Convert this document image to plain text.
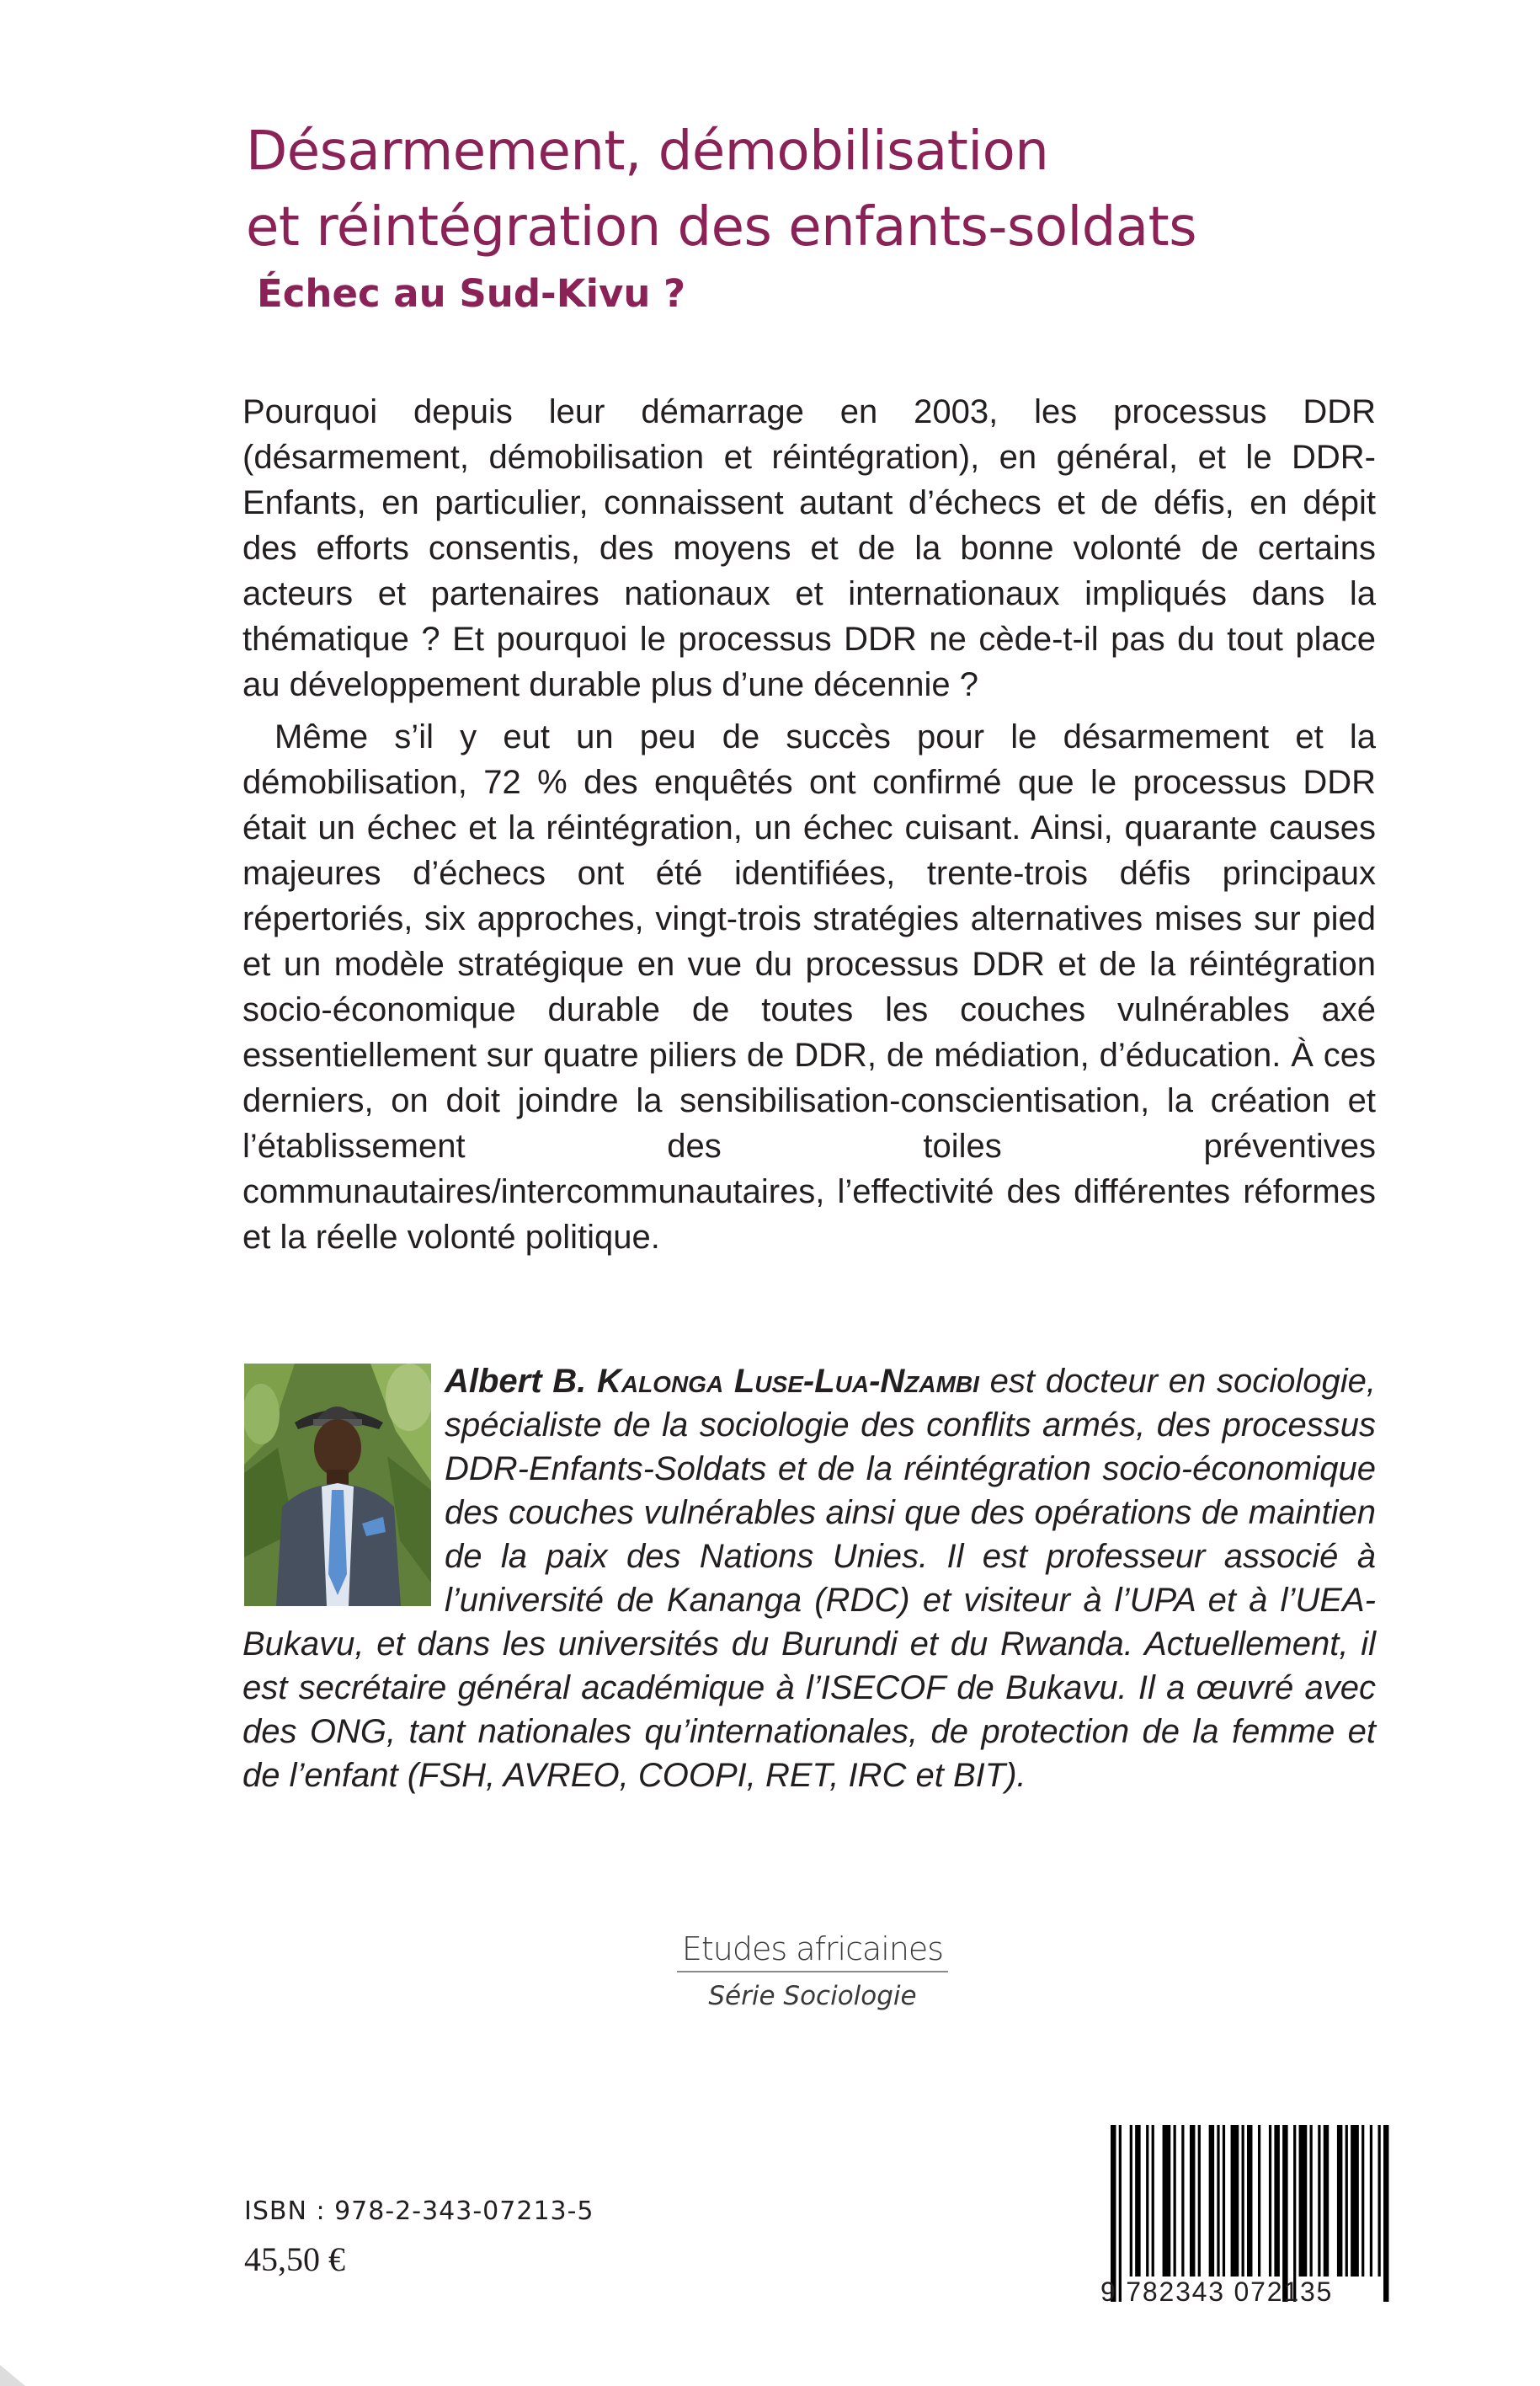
Désarmement, démobilisation
et réintégration des enfants-soldats
Échec au Sud-Kivu ?

Pourquoi depuis leur démarrage en 2003, les processus DDR (désarmement, démobilisation et réintégration), en général, et le DDR-Enfants, en particulier, connaissent autant d’échecs et de défis, en dépit des efforts consentis, des moyens et de la bonne volonté de certains acteurs et partenaires nationaux et internationaux impliqués dans la thématique ? Et pourquoi le processus DDR ne cède-t-il pas du tout place au développement durable plus d’une décennie ?

Même s’il y eut un peu de succès pour le désarmement et la démobilisation, 72 % des enquêtés ont confirmé que le processus DDR était un échec et la réintégration, un échec cuisant. Ainsi, quarante causes majeures d’échecs ont été identifiées, trente-trois défis principaux répertoriés, six approches, vingt-trois stratégies alternatives mises sur pied et un modèle stratégique en vue du processus DDR et de la réintégration socio-économique durable de toutes les couches vulnérables axé essentiellement sur quatre piliers de DDR, de médiation, d’éducation. À ces derniers, on doit joindre la sensibilisation-conscientisation, la création et l’établissement des toiles préventives communautaires/intercommunautaires, l’effectivité des différentes réformes et la réelle volonté politique.

Albert B. Kalonga Luse-Lua-Nzambi est docteur en sociologie, spécialiste de la sociologie des conflits armés, des processus DDR-Enfants-Soldats et de la réintégration socio-économique des couches vulnérables ainsi que des opérations de maintien de la paix des Nations Unies. Il est professeur associé à l’université de Kananga (RDC) et visiteur à l’UPA et à l’UEA-Bukavu, et dans les universités du Burundi et du Rwanda. Actuellement, il est secrétaire général académique à l’ISECOF de Bukavu. Il a œuvré avec des ONG, tant nationales qu’internationales, de protection de la femme et de l’enfant (FSH, AVREO, COOPI, RET, IRC et BIT).
Etudes africaines
Série Sociologie
ISBN : 978-2-343-07213-5
45,50 €
9 782343 072135
